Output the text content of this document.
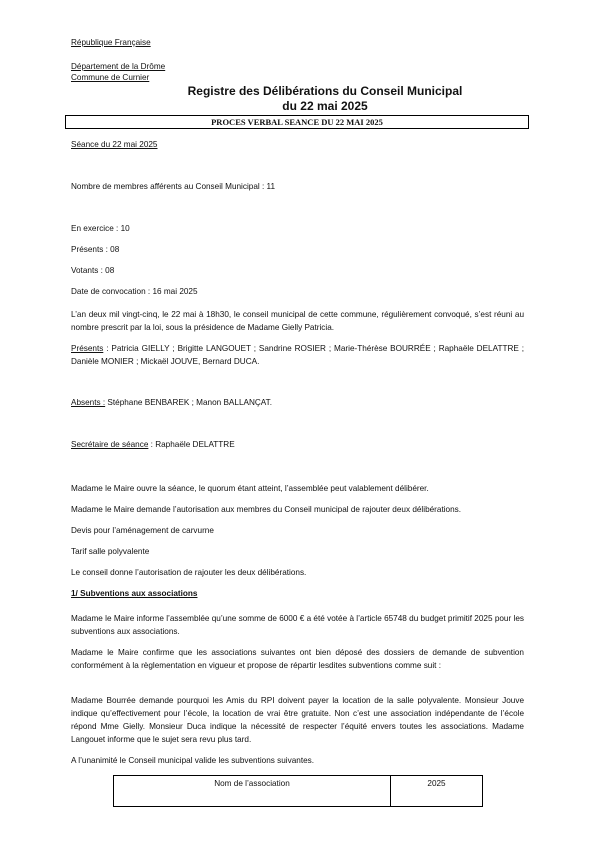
République Française
Département de la Drôme
Commune de Curnier
Registre des Délibérations du Conseil Municipal
du 22 mai 2025
PROCES VERBAL SEANCE DU 22 MAI 2025
Séance du 22 mai 2025
Nombre de membres afférents au Conseil Municipal : 11
En exercice : 10
Présents : 08
Votants : 08
Date de convocation : 16 mai 2025
L’an deux mil vingt-cinq, le 22 mai à 18h30, le conseil municipal de cette commune, régulièrement convoqué, s’est réuni au nombre prescrit par la loi, sous la présidence de Madame Gielly Patricia.
Présents : Patricia GIELLY ; Brigitte LANGOUET ; Sandrine ROSIER ; Marie-Thérèse BOURRÉE ; Raphaële DELATTRE ; Danièle MONIER ; Mickaël JOUVE, Bernard DUCA.
Absents : Stéphane BENBAREK ; Manon BALLANÇAT.
Secrétaire de séance : Raphaële DELATTRE
Madame le Maire ouvre la séance, le quorum étant atteint, l’assemblée peut valablement délibérer.
Madame le Maire demande l’autorisation aux membres du Conseil municipal de rajouter deux délibérations.
Devis pour l’aménagement de carvurne
Tarif salle polyvalente
Le conseil donne l’autorisation de rajouter les deux délibérations.
1/ Subventions aux associations
Madame le Maire informe l’assemblée qu’une somme de 6000 € a été votée à l’article 65748 du budget primitif 2025 pour les subventions aux associations.
Madame le Maire confirme que les associations suivantes ont bien déposé des dossiers de demande de subvention conformément à la règlementation en vigueur et propose de répartir lesdites subventions comme suit :
Madame Bourrée demande pourquoi les Amis du RPI doivent payer la location de la salle polyvalente. Monsieur Jouve indique qu’effectivement pour l’école, la location de vrai être gratuite. Non c’est une association indépendante de l’école répond Mme Gielly. Monsieur Duca indique la nécessité de respecter l’équité envers toutes les associations. Madame Langouet informe que le sujet sera revu plus tard.
A l’unanimité le Conseil municipal valide les subventions suivantes.
Nom de l’association	2025
